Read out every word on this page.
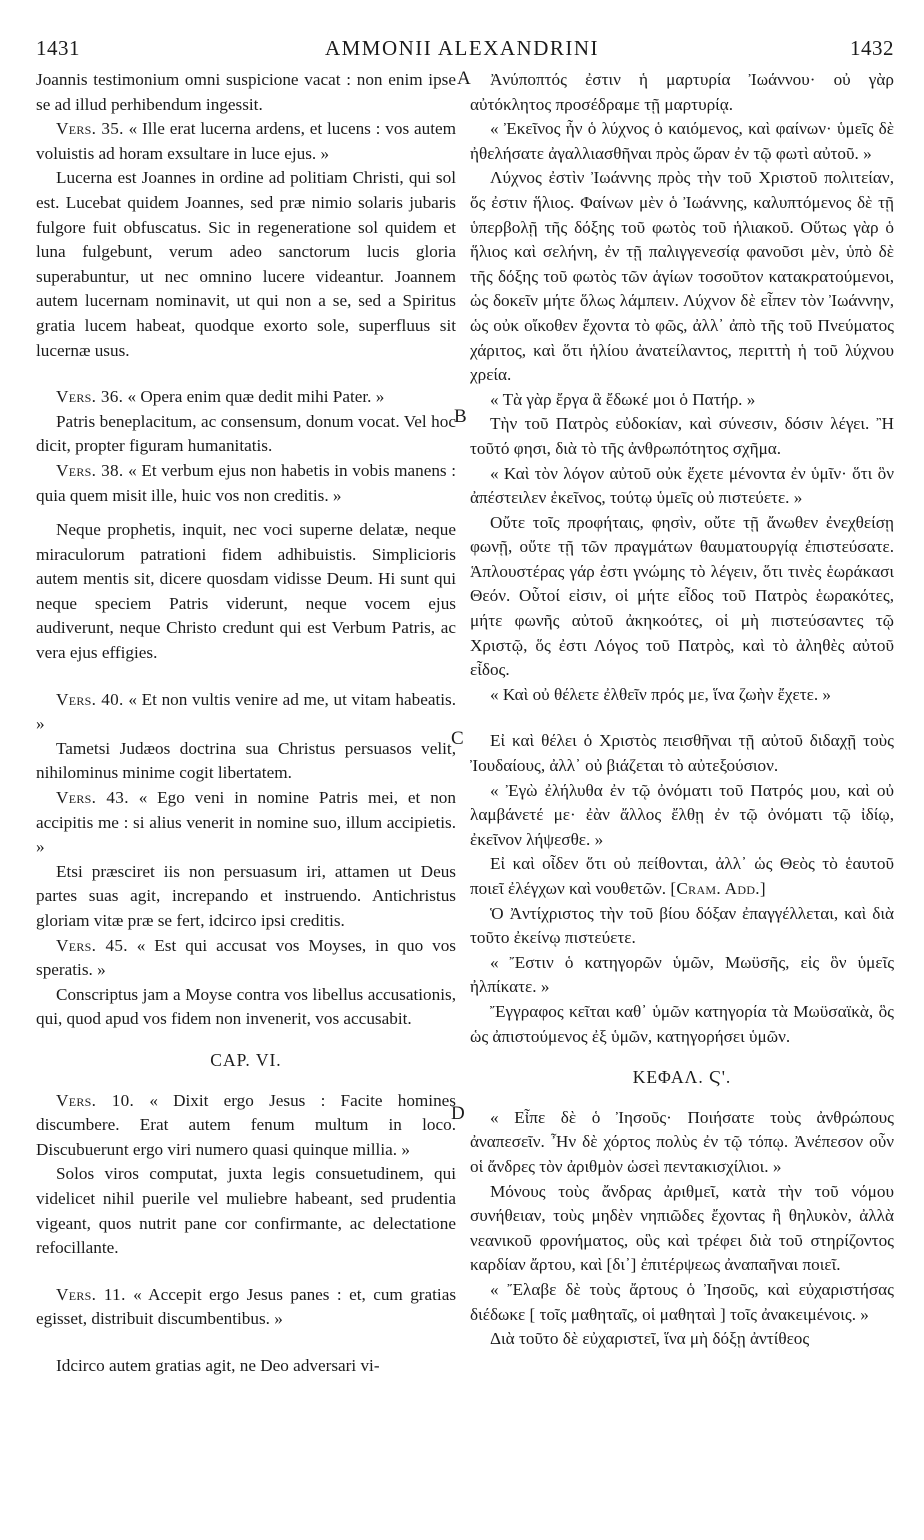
1431	AMMONII ALEXANDRINI	1432
A
B
C
D

Joannis testimonium omni suspicione vacat : non enim ipse se ad illud perhibendum ingessit.

Vers. 35. « Ille erat lucerna ardens, et lucens : vos autem voluistis ad horam exsultare in luce ejus. »

Lucerna est Joannes in ordine ad politiam Christi, qui sol est. Lucebat quidem Joannes, sed præ nimio solaris jubaris fulgore fuit obfuscatus. Sic in regeneratione sol quidem et luna fulgebunt, verum adeo sanctorum lucis gloria superabuntur, ut nec omnino lucere videantur. Joannem autem lucernam nominavit, ut qui non a se, sed a Spiritus gratia lucem habeat, quodque exorto sole, superfluus sit lucernæ usus.

Vers. 36. « Opera enim quæ dedit mihi Pater. »

Patris beneplacitum, ac consensum, donum vocat. Vel hoc dicit, propter figuram humanitatis.

Vers. 38. « Et verbum ejus non habetis in vobis manens : quia quem misit ille, huic vos non creditis. »

Neque prophetis, inquit, nec voci superne delatæ, neque miraculorum patrationi fidem adhibuistis. Simplicioris autem mentis sit, dicere quosdam vidisse Deum. Hi sunt qui neque speciem Patris viderunt, neque vocem ejus audiverunt, neque Christo credunt qui est Verbum Patris, ac vera ejus effigies.

Vers. 40. « Et non vultis venire ad me, ut vitam habeatis. »

Tametsi Judæos doctrina sua Christus persuasos velit, nihilominus minime cogit libertatem.

Vers. 43. « Ego veni in nomine Patris mei, et non accipitis me : si alius venerit in nomine suo, illum accipietis. »

Etsi præsciret iis non persuasum iri, attamen ut Deus partes suas agit, increpando et instruendo. Antichristus gloriam vitæ præ se fert, idcirco ipsi creditis.

Vers. 45. « Est qui accusat vos Moyses, in quo vos speratis. »

Conscriptus jam a Moyse contra vos libellus accusationis, qui, quod apud vos fidem non invenerit, vos accusabit.

CAP. VI.

Vers. 10. « Dixit ergo Jesus : Facite homines discumbere. Erat autem fenum multum in loco. Discubuerunt ergo viri numero quasi quinque millia. »

Solos viros computat, juxta legis consuetudinem, qui videlicet nihil puerile vel muliebre habeant, sed prudentia vigeant, quos nutrit pane cor confirmante, ac delectatione refocillante.

Vers. 11. « Accepit ergo Jesus panes : et, cum gratias egisset, distribuit discumbentibus. »

Idcirco autem gratias agit, ne Deo adversari vi-

Ἀνύποπτός ἐστιν ἡ μαρτυρία Ἰωάννου· οὐ γὰρ αὐτόκλητος προσέδραμε τῇ μαρτυρίᾳ.

« Ἐκεῖνος ἦν ὁ λύχνος ὁ καιόμενος, καὶ φαίνων· ὑμεῖς δὲ ἠθελήσατε ἀγαλλιασθῆναι πρὸς ὥραν ἐν τῷ φωτὶ αὐτοῦ. »

Λύχνος ἐστὶν Ἰωάννης πρὸς τὴν τοῦ Χριστοῦ πολιτείαν, ὅς ἐστιν ἥλιος. Φαίνων μὲν ὁ Ἰωάννης, καλυπτόμενος δὲ τῇ ὑπερβολῇ τῆς δόξης τοῦ φωτὸς τοῦ ἡλιακοῦ. Οὕτως γὰρ ὁ ἥλιος καὶ σελήνη, ἐν τῇ παλιγγενεσίᾳ φανοῦσι μὲν, ὑπὸ δὲ τῆς δόξης τοῦ φωτὸς τῶν ἁγίων τοσοῦτον κατακρατούμενοι, ὡς δοκεῖν μήτε ὅλως λάμπειν. Λύχνον δὲ εἶπεν τὸν Ἰωάννην, ὡς οὐκ οἴκοθεν ἔχοντα τὸ φῶς, ἀλλ᾽ ἀπὸ τῆς τοῦ Πνεύματος χάριτος, καὶ ὅτι ἡλίου ἀνατείλαντος, περιττὴ ἡ τοῦ λύχνου χρεία.

« Τὰ γὰρ ἔργα ἃ ἔδωκέ μοι ὁ Πατήρ. »

Τὴν τοῦ Πατρὸς εὐδοκίαν, καὶ σύνεσιν, δόσιν λέγει. Ἢ τοῦτό φησι, διὰ τὸ τῆς ἀνθρωπότητος σχῆμα.

« Καὶ τὸν λόγον αὐτοῦ οὐκ ἔχετε μένοντα ἐν ὑμῖν· ὅτι ὃν ἀπέστειλεν ἐκεῖνος, τούτῳ ὑμεῖς οὐ πιστεύετε. »

Οὔτε τοῖς προφήταις, φησὶν, οὔτε τῇ ἄνωθεν ἐνεχθείσῃ φωνῇ, οὔτε τῇ τῶν πραγμάτων θαυματουργίᾳ ἐπιστεύσατε. Ἁπλουστέρας γάρ ἐστι γνώμης τὸ λέγειν, ὅτι τινὲς ἑωράκασι Θεόν. Οὗτοί εἰσιν, οἱ μήτε εἶδος τοῦ Πατρὸς ἑωρακότες, μήτε φωνῆς αὐτοῦ ἀκηκοότες, οἱ μὴ πιστεύσαντες τῷ Χριστῷ, ὅς ἐστι Λόγος τοῦ Πατρὸς, καὶ τὸ ἀληθὲς αὐτοῦ εἶδος.

« Καὶ οὐ θέλετε ἐλθεῖν πρός με, ἵνα ζωὴν ἔχετε. »

Εἰ καὶ θέλει ὁ Χριστὸς πεισθῆναι τῇ αὐτοῦ διδαχῇ τοὺς Ἰουδαίους, ἀλλ᾽ οὐ βιάζεται τὸ αὐτεξούσιον.

« Ἐγὼ ἐλήλυθα ἐν τῷ ὀνόματι τοῦ Πατρός μου, καὶ οὐ λαμβάνετέ με· ἐὰν ἄλλος ἔλθῃ ἐν τῷ ὀνόματι τῷ ἰδίῳ, ἐκεῖνον λήψεσθε. »

Εἰ καὶ οἶδεν ὅτι οὐ πείθονται, ἀλλ᾽ ὡς Θεὸς τὸ ἑαυτοῦ ποιεῖ ἐλέγχων καὶ νουθετῶν. [Cram. Add.]

Ὁ Ἀντίχριστος τὴν τοῦ βίου δόξαν ἐπαγγέλλεται, καὶ διὰ τοῦτο ἐκείνῳ πιστεύετε.

« Ἔστιν ὁ κατηγορῶν ὑμῶν, Μωϋσῆς, εἰς ὃν ὑμεῖς ἠλπίκατε. »

Ἔγγραφος κεῖται καθ᾽ ὑμῶν κατηγορία τὰ Μωϋσαϊκὰ, ὃς ὡς ἀπιστούμενος ἐξ ὑμῶν, κατηγορήσει ὑμῶν.

ΚΕΦΑΛ. Ϛ'.

« Εἶπε δὲ ὁ Ἰησοῦς· Ποιήσατε τοὺς ἀνθρώπους ἀναπεσεῖν. Ἦν δὲ χόρτος πολὺς ἐν τῷ τόπῳ. Ἀνέπεσον οὖν οἱ ἄνδρες τὸν ἀριθμὸν ὡσεὶ πεντακισχίλιοι. »

Μόνους τοὺς ἄνδρας ἀριθμεῖ, κατὰ τὴν τοῦ νόμου συνήθειαν, τοὺς μηδὲν νηπιῶδες ἔχοντας ἢ θηλυκὸν, ἀλλὰ νεανικοῦ φρονήματος, οὓς καὶ τρέφει διὰ τοῦ στηρίζοντος καρδίαν ἄρτου, καὶ [δι᾽] ἐπιτέρψεως ἀναπαῆναι ποιεῖ.

« Ἔλαβε δὲ τοὺς ἄρτους ὁ Ἰησοῦς, καὶ εὐχαριστήσας διέδωκε [ τοῖς μαθηταῖς, οἱ μαθηταὶ ] τοῖς ἀνακειμένοις. »

Διὰ τοῦτο δὲ εὐχαριστεῖ, ἵνα μὴ δόξῃ ἀντίθεος
